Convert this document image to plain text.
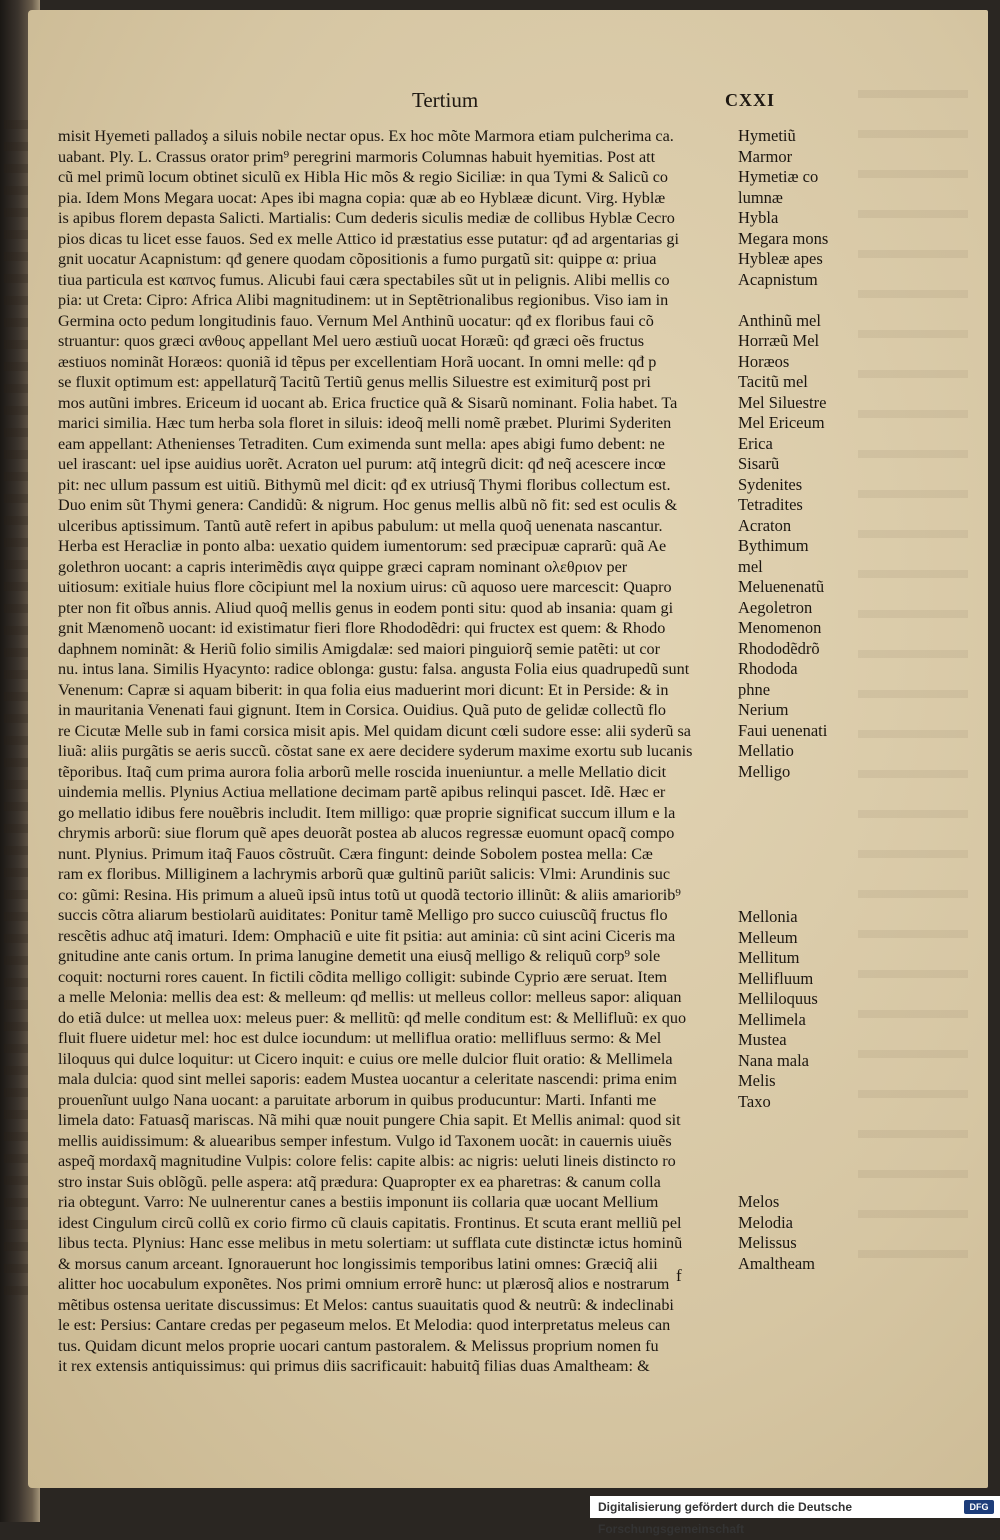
Tertium	CXXI
misit Hyemeti palladoş a siluis nobile nectar opus. Ex hoc mõte Marmora etiam pulcherima ca.
uabant. Ply. L. Crassus orator prim⁹ peregrini marmoris Columnas habuit hyemitias. Post att
cũ mel primũ locum obtinet siculũ ex Hibla Hic mõs & regio Siciliæ: in qua Tymi & Salicũ co
pia. Idem Mons Megara uocat: Apes ibi magna copia: quæ ab eo Hyblææ dicunt. Virg. Hyblæ
is apibus florem depasta Salicti. Martialis: Cum dederis siculis mediæ de collibus Hyblæ Cecro
pios dicas tu licet esse fauos. Sed ex melle Attico id præstatius esse putatur: qđ ad argentarias gi
gnit uocatur Acapnistum: qđ genere quodam cõpositionis a fumo purgatũ sit: quippe α: priua
tiua particula est καπνος fumus. Alicubi faui cæra spectabiles sũt ut in pelignis. Alibi mellis co
pia: ut Creta: Cipro: Africa Alibi magnitudinem: ut in Septẽtrionalibus regionibus. Viso iam in
Germina octo pedum longitudinis fauo. Vernum Mel Anthinũ uocatur: qđ ex floribus faui cõ
struantur: quos græci ανθους appellant Mel uero æstiuũ uocat Horæũ: qđ græci oẽs fructus
æstiuos nominãt Horæos: quoniã id tẽpus per excellentiam Horã uocant. In omni melle: qđ p
se fluxit optimum est: appellaturq̃ Tacitũ Tertiũ genus mellis Siluestre est eximiturq̃ post pri
mos autũni imbres. Ericeum id uocant ab. Erica fructice quã & Sisarũ nominant. Folia habet. Ta
marici similia. Hæc tum herba sola floret in siluis: ideoq̃ melli nomẽ præbet. Plurimi Syderiten
eam appellant: Athenienses Tetraditen. Cum eximenda sunt mella: apes abigi fumo debent: ne
uel irascant: uel ipse auidius uorẽt. Acraton uel purum: atq̃ integrũ dicit: qđ neq̃ acescere incœ
pit: nec ullum passum est uitiũ. Bithymũ mel dicit: qđ ex utriusq̃ Thymi floribus collectum est.
Duo enim sũt Thymi genera: Candidũ: & nigrum. Hoc genus mellis albũ nõ fit: sed est oculis &
ulceribus aptissimum. Tantũ autẽ refert in apibus pabulum: ut mella quoq̃ uenenata nascantur.
Herba est Heracliæ in ponto alba: uexatio quidem iumentorum: sed præcipuæ caprarũ: quã Ae
golethron uocant: a capris interimẽdis αιγα quippe græci capram nominant ολεθριον per
uitiosum: exitiale huius flore cõcipiunt mel la noxium uirus: cũ aquoso uere marcescit: Quapro
pter non fit oĩbus annis. Aliud quoq̃ mellis genus in eodem ponti situ: quod ab insania: quam gi
gnit Mænomenõ uocant: id existimatur fieri flore Rhododẽdri: qui fructex est quem: & Rhodo
daphnem nominãt: & Heriũ folio similis Amigdalæ: sed maiori pinguiorq̃ semie patẽti: ut cor
nu. intus lana. Similis Hyacynto: radice oblonga: gustu: falsa. angusta Folia eius quadrupedũ sunt
Venenum: Capræ si aquam biberit: in qua folia eius maduerint mori dicunt: Et in Perside: & in
in mauritania Venenati faui gignunt. Item in Corsica. Ouidius. Quã puto de gelidæ collectũ flo
re Cicutæ Melle sub in fami corsica misit apis. Mel quidam dicunt cœli sudore esse: alii syderũ sa
liuã: aliis purgãtis se aeris succũ. cõstat sane ex aere decidere syderum maxime exortu sub lucanis
tẽporibus. Itaq̃ cum prima aurora folia arborũ melle roscida inueniuntur. a melle Mellatio dicit
uindemia mellis. Plynius Actiua mellatione decimam partẽ apibus relinqui pascet. Idẽ. Hæc er
go mellatio idibus fere nouẽbris includit. Item milligo: quæ proprie significat succum illum e la
chrymis arborũ: siue florum quẽ apes deuorãt postea ab alucos regressæ euomunt opacq̃ compo
nunt. Plynius. Primum itaq̃ Fauos cõstruũt. Cæra fingunt: deinde Sobolem postea mella: Cæ
ram ex floribus. Milliginem a lachrymis arborũ quæ gultinũ pariũt salicis: Vlmi: Arundinis suc
co: gũmi: Resina. His primum a alueũ ipsũ intus totũ ut quodã tectorio illinũt: & aliis amariorib⁹
succis cõtra aliarum bestiolarũ auiditates: Ponitur tamẽ Melligo pro succo cuiuscũq̃ fructus flo
rescẽtis adhuc atq̃ imaturi. Idem: Omphaciũ e uite fit psitia: aut aminia: cũ sint acini Ciceris ma
gnitudine ante canis ortum. In prima lanugine demetit una eiusq̃ melligo & reliquũ corp⁹ sole
coquit: nocturni rores cauent. In fictili cõdita melligo colligit: subinde Cyprio ære seruat. Item
a melle Melonia: mellis dea est: & melleum: qđ mellis: ut melleus collor: melleus sapor: aliquan
do etiã dulce: ut mellea uox: meleus puer: & mellitũ: qđ melle conditum est: & Mellifluũ: ex quo
fluit fluere uidetur mel: hoc est dulce iocundum: ut melliflua oratio: mellifluus sermo: & Mel
liloquus qui dulce loquitur: ut Cicero inquit: e cuius ore melle dulcior fluit oratio: & Mellimela
mala dulcia: quod sint mellei saporis: eadem Mustea uocantur a celeritate nascendi: prima enim
prouenĩunt uulgo Nana uocant: a paruitate arborum in quibus producuntur: Marti. Infanti me
limela dato: Fatuasq̃ mariscas. Nã mihi quæ nouit pungere Chia sapit. Et Mellis animal: quod sit
mellis auidissimum: & aluearibus semper infestum. Vulgo id Taxonem uocãt: in cauernis uiuẽs
aspeq̃ mordaxq̃ magnitudine Vulpis: colore felis: capite albis: ac nigris: ueluti lineis distincto ro
stro instar Suis oblõgũ. pelle aspera: atq̃ prædura: Quapropter ex ea pharetras: & canum colla
ria obtegunt. Varro: Ne uulnerentur canes a bestiis imponunt iis collaria quæ uocant Mellium
idest Cingulum circũ collũ ex corio firmo cũ clauis capitatis. Frontinus. Et scuta erant melliũ pel
libus tecta. Plynius: Hanc esse melibus in metu solertiam: ut sufflata cute distinctæ ictus hominũ
& morsus canum arceant. Ignorauerunt hoc longissimis temporibus latini omnes: Græciq̃ alii
alitter hoc uocabulum exponẽtes. Nos primi omnium errorẽ hunc: ut plærosq̃ alios e nostrarum
mẽtibus ostensa ueritate discussimus: Et Melos: cantus suauitatis quod & neutrũ: & indeclinabi
le est: Persius: Cantare credas per pegaseum melos. Et Melodia: quod interpretatus meleus can
tus. Quidam dicunt melos proprie uocari cantum pastoralem. & Melissus proprium nomen fu
it rex extensis antiquissimus: qui primus diis sacrificauit: habuitq̃ filias duas Amaltheam: &
f
Hymetiũ
Marmor
Hymetiæ co
lumnæ
Hybla
Megara mons
Hybleæ apes
Acapnistum
Anthinũ mel
Horræũ Mel
Horæos
Tacitũ mel
Mel Siluestre
Mel Ericeum
Erica
Sisarũ
Sydenites
Tetradites
Acraton
Bythimum
mel
Meluenenatũ
Aegoletron
Menomenon
Rhododẽdrõ
Rhododa
phne
Nerium
Faui uenenati
Mellatio
Melligo
Mellonia
Melleum
Mellitum
Mellifluum
Melliloquus
Mellimela
Mustea
Nana mala
Melis
Taxo
Melos
Melodia
Melissus
Amaltheam
Digitalisierung gefördert durch die Deutsche Forschungsgemeinschaft
DFG
